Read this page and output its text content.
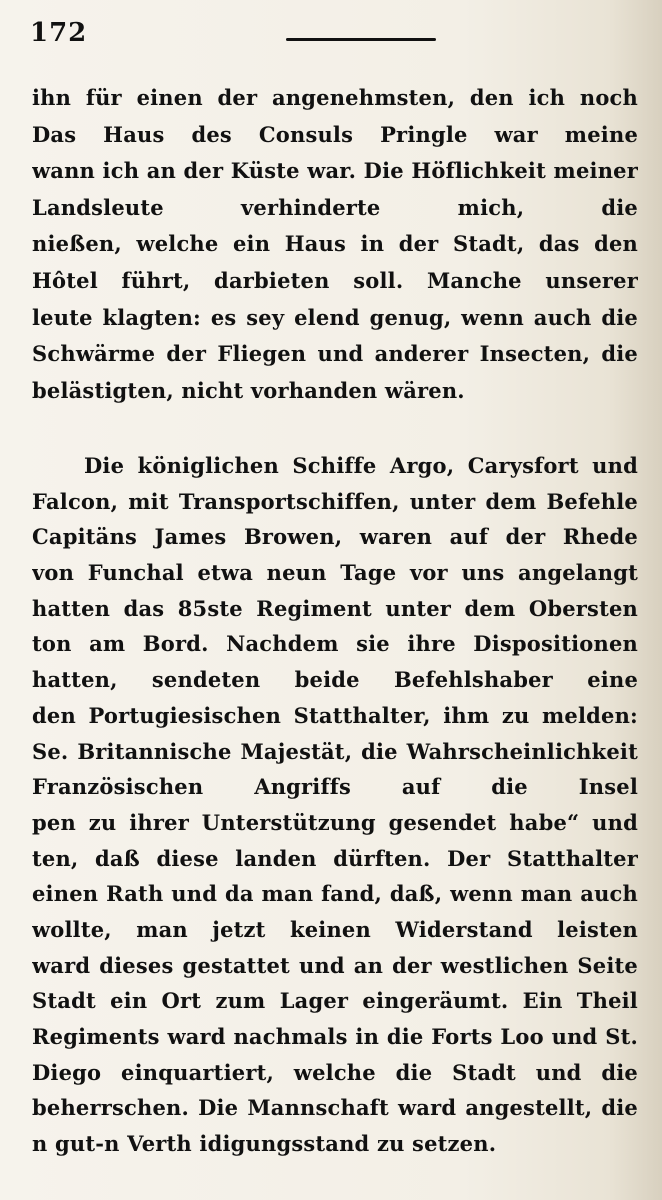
172
ihn für einen der angenehmsten, den ich noch
Das Haus des Consuls Pringle war meine
wann ich an der Küste war. Die Höflichkeit meiner
Landsleute verhinderte mich, die
nießen, welche ein Haus in der Stadt, das den
Hôtel führt, darbieten soll. Manche unserer
leute klagten: es sey elend genug, wenn auch die
Schwärme der Fliegen und anderer Insecten, die
belästigten, nicht vorhanden wären.
Die königlichen Schiffe Argo, Carysfort und
Falcon, mit Transportschiffen, unter dem Befehle
Capitäns James Browen, waren auf der Rhede
von Funchal etwa neun Tage vor uns angelangt
hatten das 85ste Regiment unter dem Obersten
ton am Bord. Nachdem sie ihre Dispositionen
hatten, sendeten beide Befehlshaber eine
den Portugiesischen Statthalter, ihm zu melden:
Se. Britannische Majestät, die Wahrscheinlichkeit
Französischen Angriffs auf die Insel
pen zu ihrer Unterstützung gesendet habe“ und
ten, daß diese landen dürften. Der Statthalter
einen Rath und da man fand, daß, wenn man auch
wollte, man jetzt keinen Widerstand leisten
ward dieses gestattet und an der westlichen Seite
Stadt ein Ort zum Lager eingeräumt. Ein Theil
Regiments ward nachmals in die Forts Loo und St.
Diego einquartiert, welche die Stadt und die
beherrschen. Die Mannschaft ward angestellt, die
n gut‑n Verth idigungsstand zu setzen.
